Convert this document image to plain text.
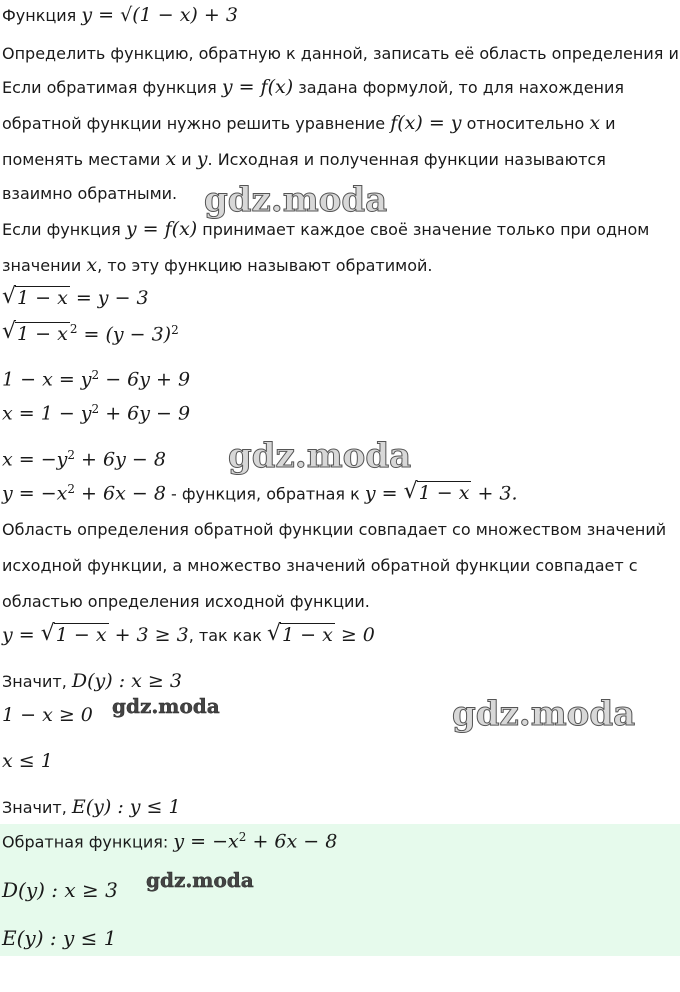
Функция y = √(1 − x) + 3
Определить функцию, обратную к данной, записать её область определения и
Если обратимая функция y = f(x) задана формулой, то для нахождения
обратной функции нужно решить уравнение f(x) = y относительно x и
поменять местами x и y. Исходная и полученная функции называются
взаимно обратными.
Если функция y = f(x) принимает каждое своё значение только при одном
значении x, то эту функцию называют обратимой.
√ 1 − x = y − 3
√ 1 − x $^2 = (y - 3)^2$
$1 - x = y^2 - 6y + 9$
$x = 1 - y^2 + 6y - 9$
$x = -y^2 + 6y - 8$
$y = -x^2 + 6x - 8$ - функция, обратная к y = √ 1 − x + 3.
Область определения обратной функции совпадает со множеством значений
исходной функции, а множество значений обратной функции совпадает с
областью определения исходной функции.
y = √ 1 − x + 3 ≥ 3, так как √ 1 − x ≥ 0
Значит, D(y) : x ≥ 3
1 − x ≥ 0
x ≤ 1
Значит, E(y) : y ≤ 1
Обратная функция: $y = -x^2 + 6x - 8$
D(y) : x ≥ 3
E(y) : y ≤ 1
gdz.moda
gdz.moda
gdz.moda
gdz.moda
gdz.moda
